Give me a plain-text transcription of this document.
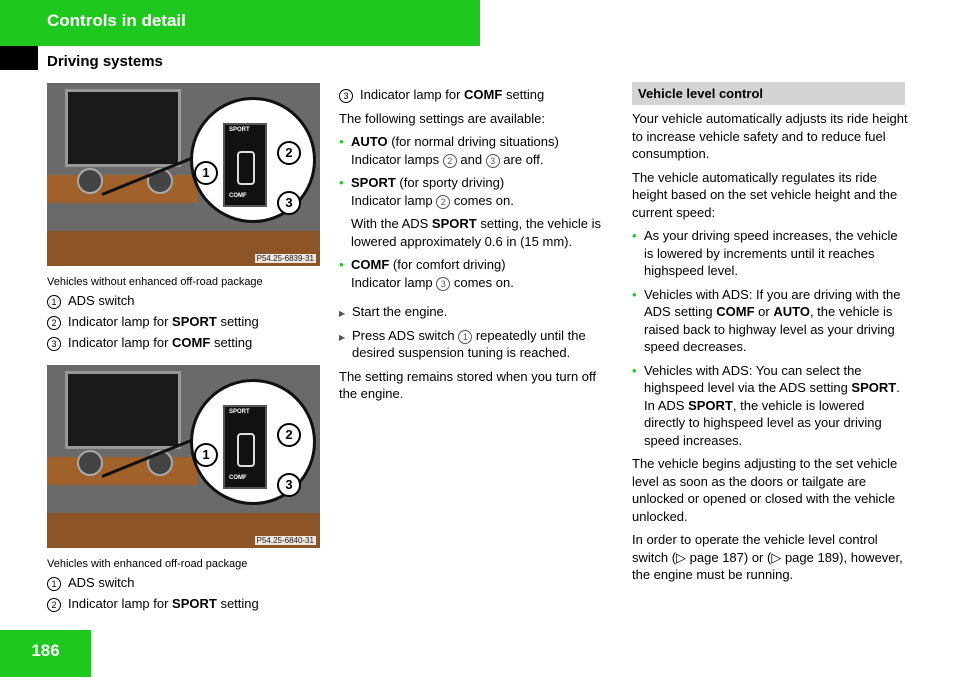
Controls in detail
Driving systems
186
SPORT
COMF
1
2
3
P54.25-6839-31
Vehicles without enhanced off-road package
1 ADS switch
2 Indicator lamp for SPORT setting
3 Indicator lamp for COMF setting
SPORT
COMF
1
2
3
P54.25-6840-31
Vehicles with enhanced off-road package
1 ADS switch
2 Indicator lamp for SPORT setting

3 Indicator lamp for COMF setting

The following settings are available:

• AUTO (for normal driving situations)
Indicator lamps 2 and 3 are off.
• SPORT (for sporty driving)
Indicator lamp 2 comes on.
With the ADS SPORT setting, the vehicle is lowered approximately 0.6 in (15 mm).
• COMF (for comfort driving)
Indicator lamp 3 comes on.
▶ Start the engine.
▶ Press ADS switch 1 repeatedly until the desired suspension tuning is reached.

The setting remains stored when you turn off the engine.

Vehicle level control

Your vehicle automatically adjusts its ride height to increase vehicle safety and to reduce fuel consumption.

The vehicle automatically regulates its ride height based on the set vehicle height and the current speed:

• As your driving speed increases, the vehicle is lowered by increments until it reaches highspeed level.
• Vehicles with ADS: If you are driving with the ADS setting COMF or AUTO, the vehicle is raised back to highway level as your driving speed decreases.
• Vehicles with ADS: You can select the highspeed level via the ADS setting SPORT. In ADS SPORT, the vehicle is lowered directly to highspeed level as your driving speed increases.

The vehicle begins adjusting to the set vehicle level as soon as the doors or tailgate are unlocked or opened or closed with the vehicle unlocked.

In order to operate the vehicle level control switch (▷ page 187) or (▷ page 189), however, the engine must be running.
